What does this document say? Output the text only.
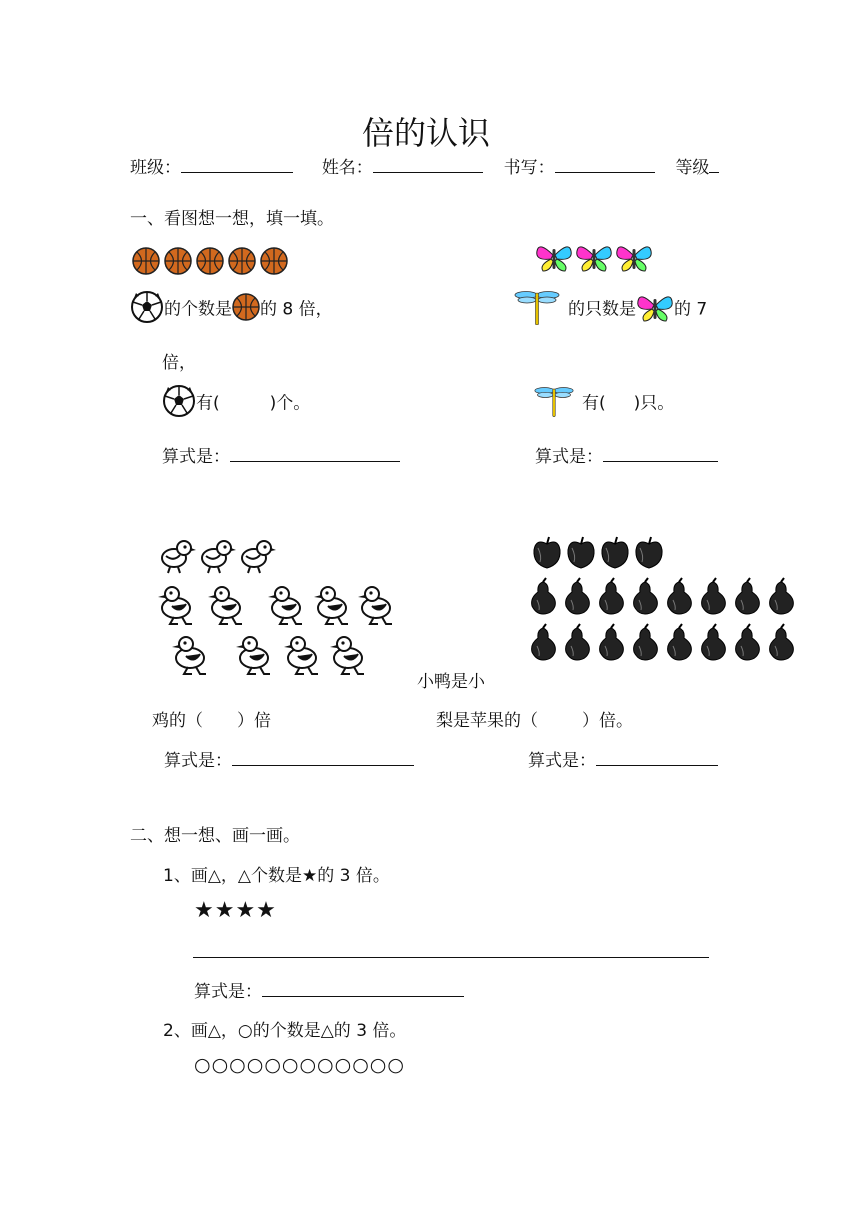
倍的认识
班级：	姓名：	书写：	等级
一、看图想一想，填一填。
的个数是 的 8 倍，	的只数是 的 7
倍，
有(	)个。	有( )只。
算式是：	算式是：
小鸭是小
鸡的（ ）倍	梨是苹果的（	）倍。
算式是：	算式是：
二、想一想、画一画。
1、画△，△个数是★的 3 倍。
★★★★
算式是：
2、画△，○的个数是△的 3 倍。
○○○○○○○○○○○○
